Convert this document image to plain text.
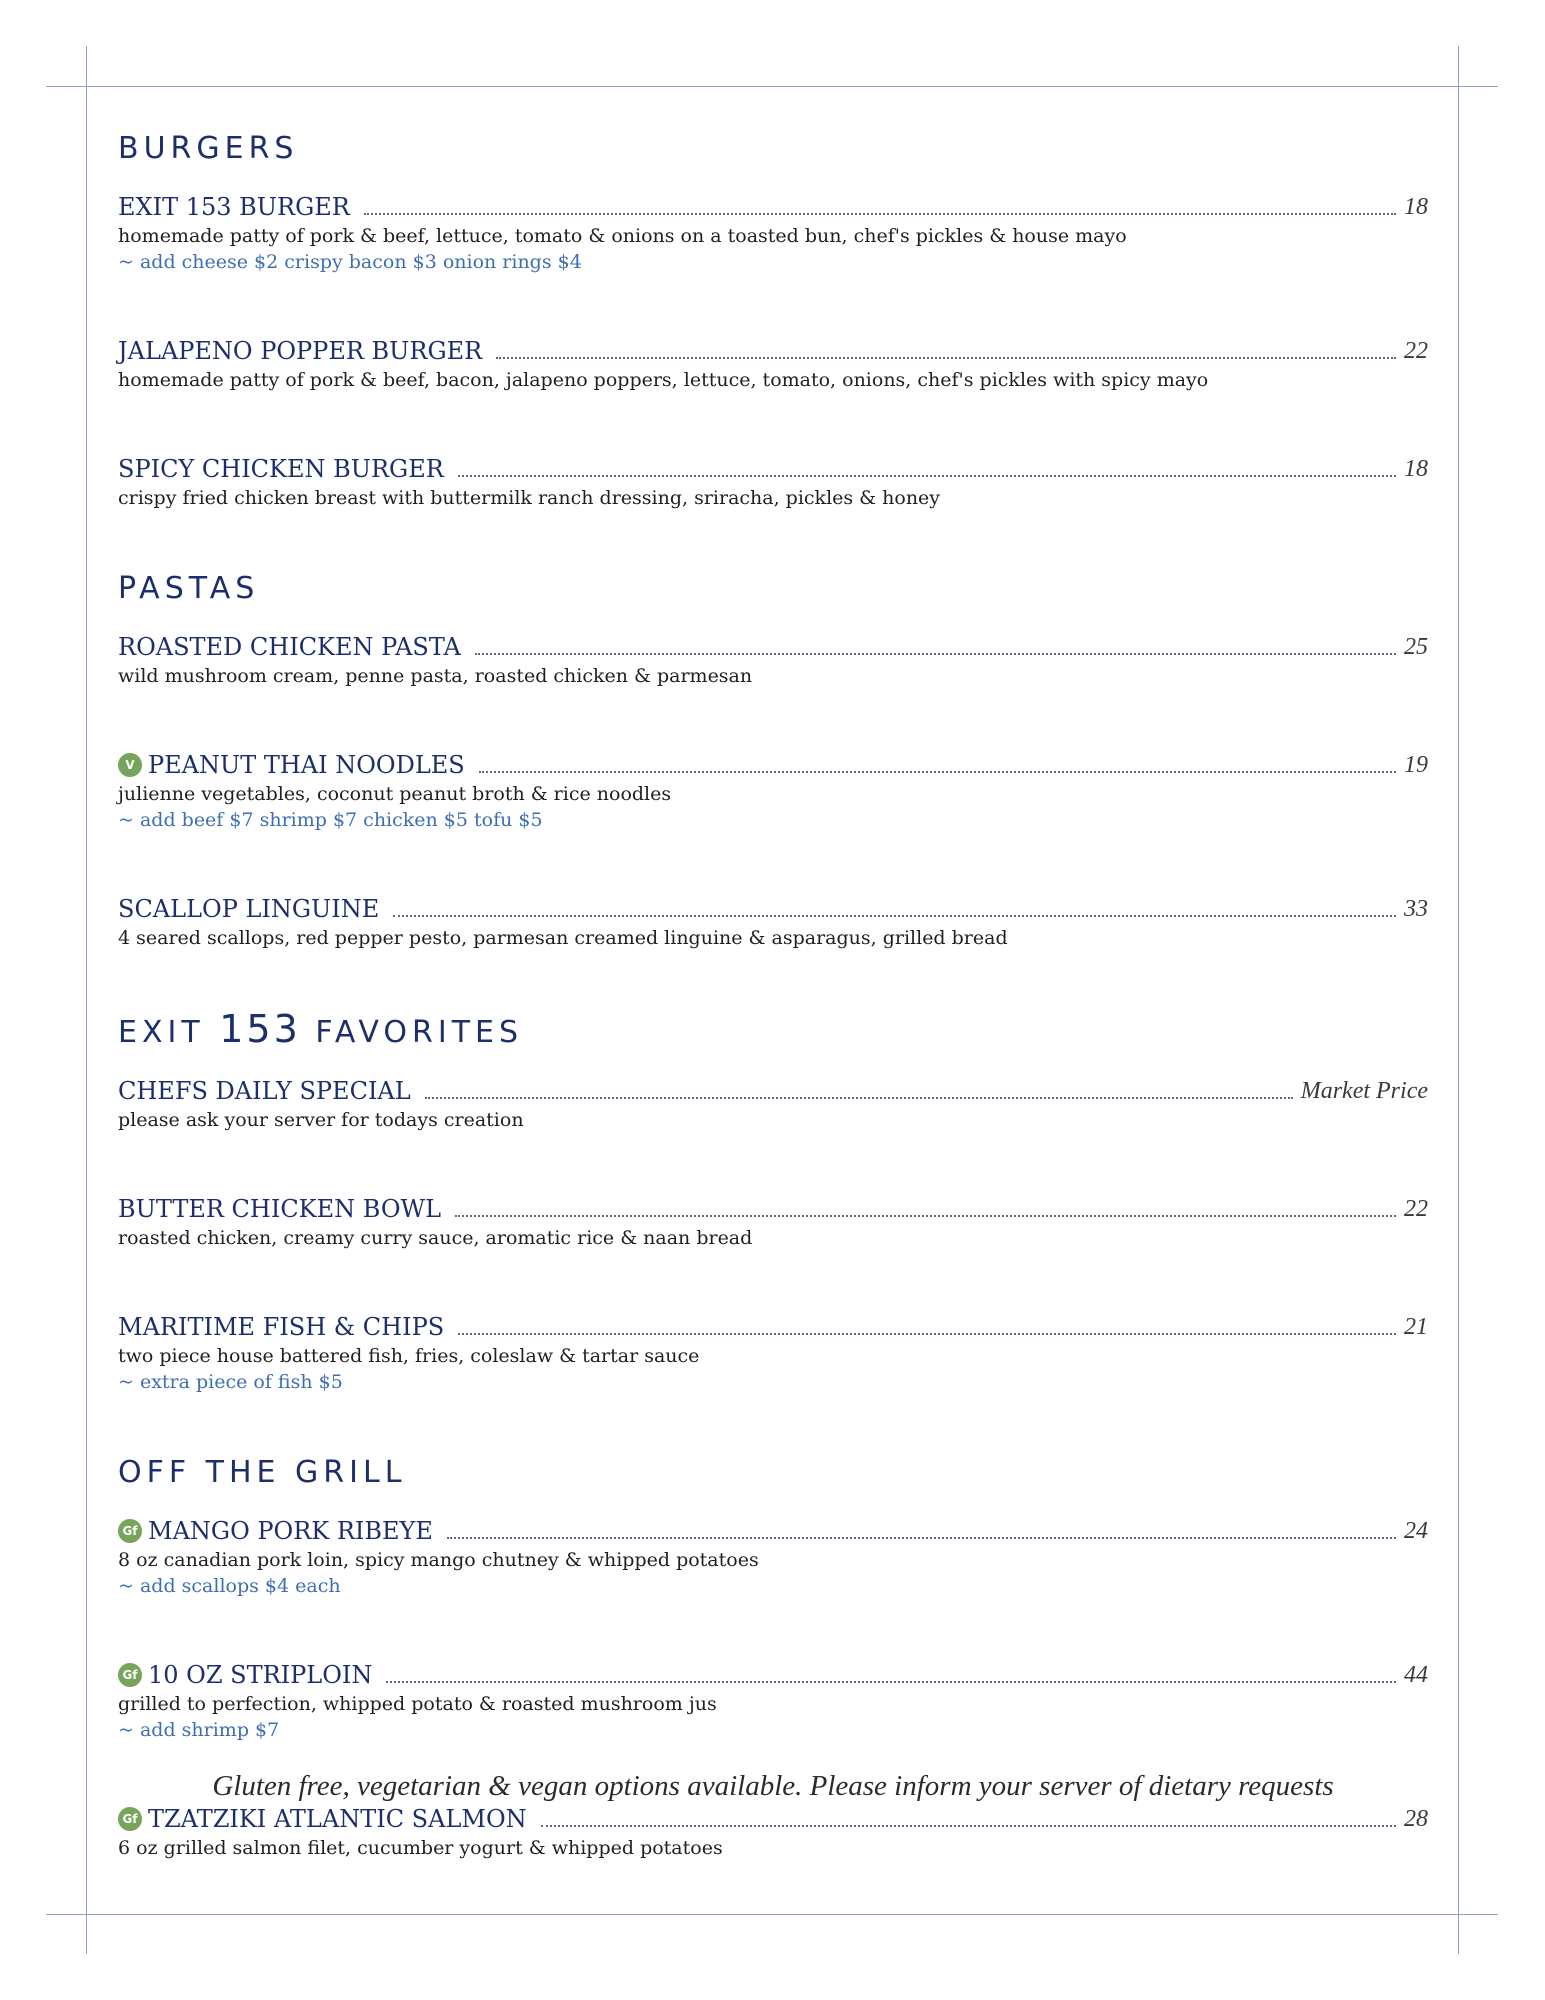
BURGERS
EXIT 153 BURGER	18
homemade patty of pork & beef, lettuce, tomato & onions on a toasted bun, chef's pickles & house mayo
~ add cheese $2 crispy bacon $3 onion rings $4
JALAPENO POPPER BURGER	22
homemade patty of pork & beef, bacon, jalapeno poppers, lettuce, tomato, onions, chef's pickles with spicy mayo
SPICY CHICKEN BURGER	18
crispy fried chicken breast with buttermilk ranch dressing, sriracha, pickles & honey
PASTAS
ROASTED CHICKEN PASTA	25
wild mushroom cream, penne pasta, roasted chicken & parmesan
V PEANUT THAI NOODLES	19
julienne vegetables, coconut peanut broth & rice noodles
~ add beef $7 shrimp $7 chicken $5 tofu $5
SCALLOP LINGUINE	33
4 seared scallops, red pepper pesto, parmesan creamed linguine & asparagus, grilled bread
EXIT 153 FAVORITES
CHEFS DAILY SPECIAL	Market Price
please ask your server for todays creation
BUTTER CHICKEN BOWL	22
roasted chicken, creamy curry sauce, aromatic rice & naan bread
MARITIME FISH & CHIPS	21
two piece house battered fish, fries, coleslaw & tartar sauce
~ extra piece of fish $5
OFF THE GRILL
Gf MANGO PORK RIBEYE	24
8 oz canadian pork loin, spicy mango chutney & whipped potatoes
~ add scallops $4 each
Gf 10 OZ STRIPLOIN	44
grilled to perfection, whipped potato & roasted mushroom jus
~ add shrimp $7
Gf TZATZIKI ATLANTIC SALMON	28
6 oz grilled salmon filet, cucumber yogurt & whipped potatoes
Gluten free, vegetarian & vegan options available. Please inform your server of dietary requests
